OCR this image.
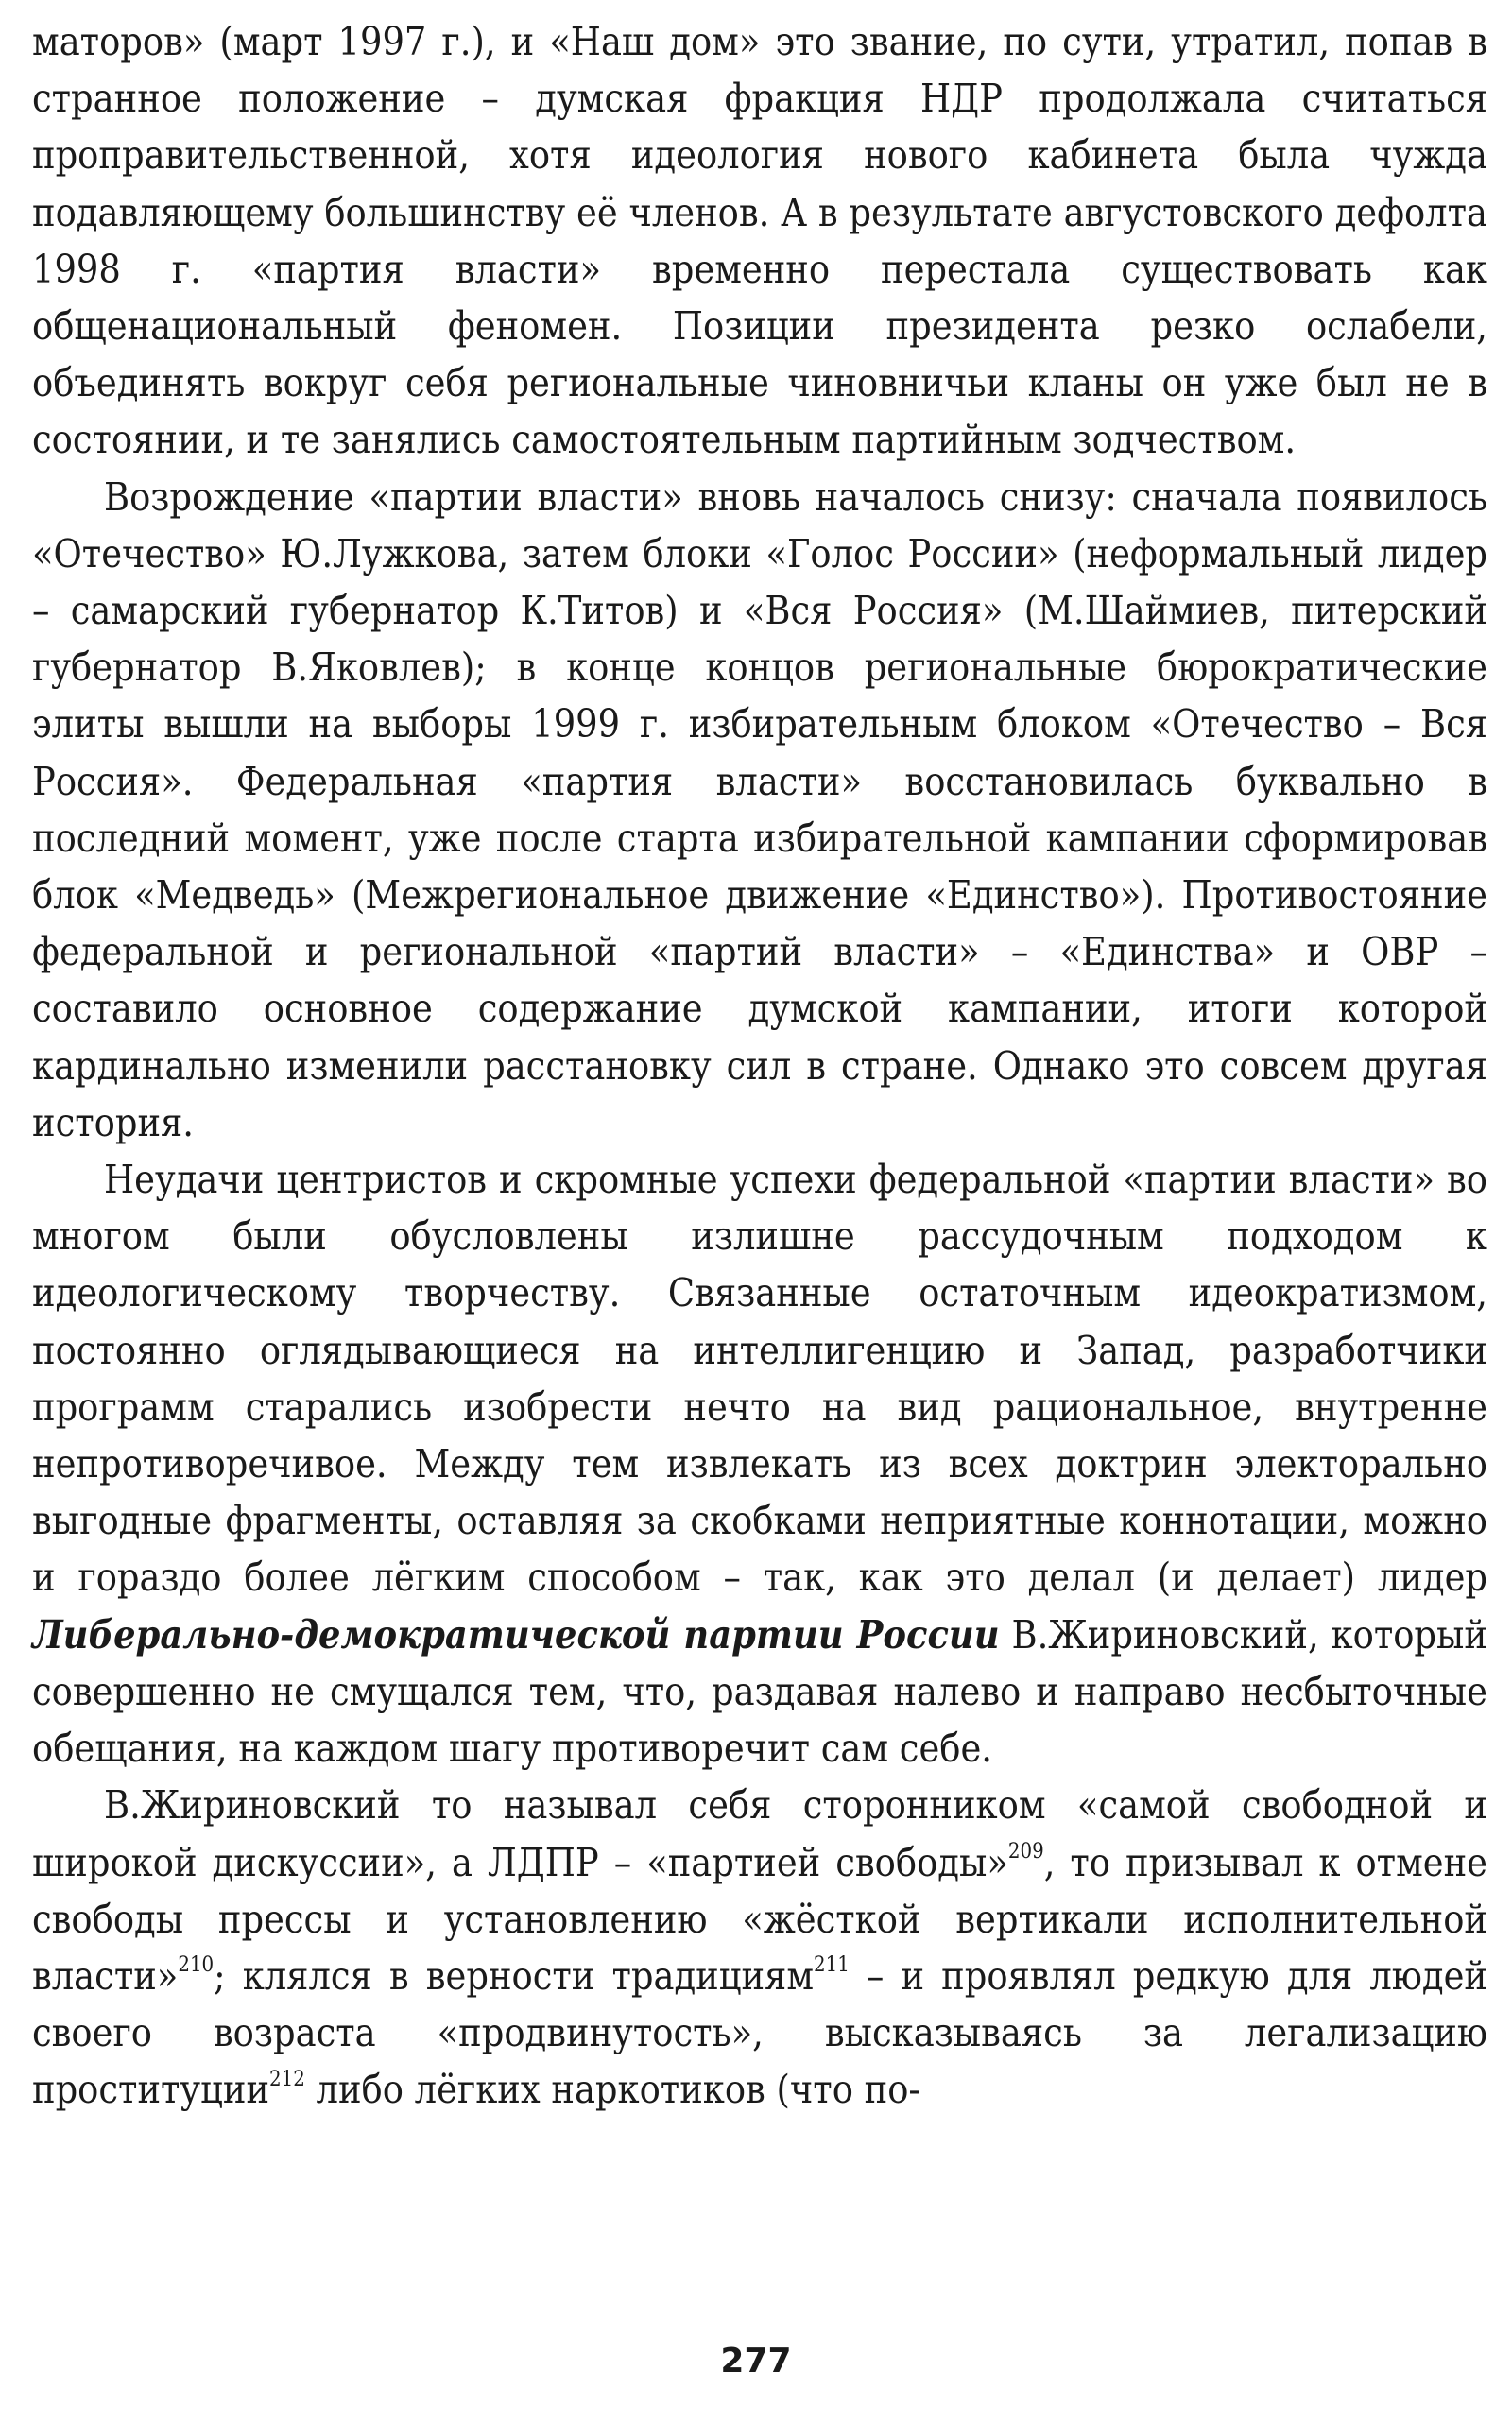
маторов» (март 1997 г.), и «Наш дом» это звание, по сути, утратил, попав в странное положение – думская фракция НДР продолжала считаться проправительственной, хотя идеология нового кабинета была чужда подавляющему большинству её членов. А в результате августовского дефолта 1998 г. «партия власти» временно перестала существовать как общенациональный феномен. Позиции президента резко ослабели, объединять вокруг себя региональные чиновничьи кланы он уже был не в состоянии, и те занялись самостоятельным партийным зодчеством.

Возрождение «партии власти» вновь началось снизу: сначала появилось «Отечество» Ю.Лужкова, затем блоки «Голос России» (неформальный лидер – самарский губернатор К.Титов) и «Вся Россия» (М.Шаймиев, питерский губернатор В.Яковлев); в конце концов региональные бюрократические элиты вышли на выборы 1999 г. избирательным блоком «Отечество – Вся Россия». Федеральная «партия власти» восстановилась буквально в последний момент, уже после старта избирательной кампании сформировав блок «Медведь» (Межрегиональное движение «Единство»). Противостояние федеральной и региональной «партий власти» – «Единства» и ОВР – составило основное содержание думской кампании, итоги которой кардинально изменили расстановку сил в стране. Однако это совсем другая история.

Неудачи центристов и скромные успехи федеральной «партии власти» во многом были обусловлены излишне рассудочным подходом к идеологическому творчеству. Связанные остаточным идеократизмом, постоянно оглядывающиеся на интеллигенцию и Запад, разработчики программ старались изобрести нечто на вид рациональное, внутренне непротиворечивое. Между тем извлекать из всех доктрин электорально выгодные фрагменты, оставляя за скобками неприятные коннотации, можно и гораздо более лёгким способом – так, как это делал (и делает) лидер Либерально-демократической партии России В.Жириновский, который совершенно не смущался тем, что, раздавая налево и направо несбыточные обещания, на каждом шагу противоречит сам себе.

В.Жириновский то называл себя сторонником «самой свободной и широкой дискуссии», а ЛДПР – «партией свободы»$^{209}$, то призывал к отмене свободы прессы и установлению «жёсткой вертикали исполнительной власти»$^{210}$; клялся в верности традициям$^{211}$ – и проявлял редкую для людей своего возраста «продвинутость», высказываясь за легализацию проституции$^{212}$ либо лёгких наркотиков (что по-

277
